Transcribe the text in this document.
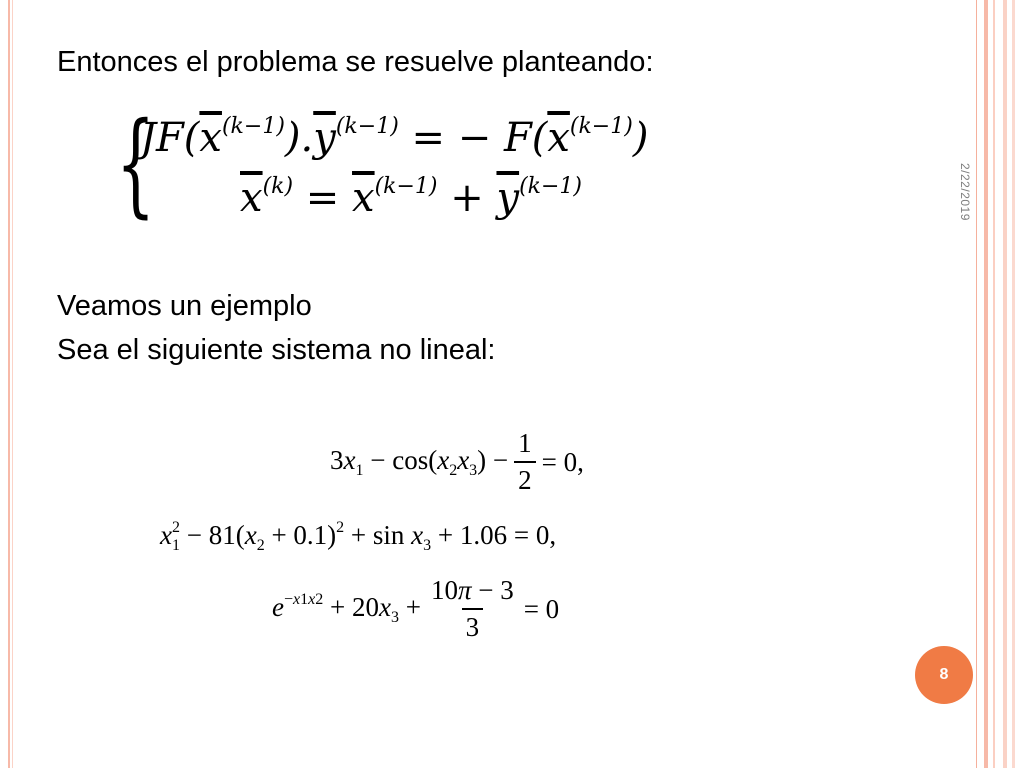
2/22/2019
Entonces el problema se resuelve planteando:
{
$JF(\overline{x}^{(k-1)}).\overline{y}^{(k-1)}$ = − $F(\overline{x}^{(k-1)})$
$\overline{x}^{(k)} = \overline{x}^{(k-1)} + \overline{y}^{(k-1)}$
Veamos un ejemplo
Sea el siguiente sistema no lineal:
$3x_1 - \cos(x_2x_3) - \frac{1}{2} = 0$,
$x^2_1 - 81(x_2 + 0.1)^2 + \sin x_3 + 1.06 = 0$,
$e^{-x1x2} + 20x_3 + \frac{10\pi - 3}{3} = 0$
8
